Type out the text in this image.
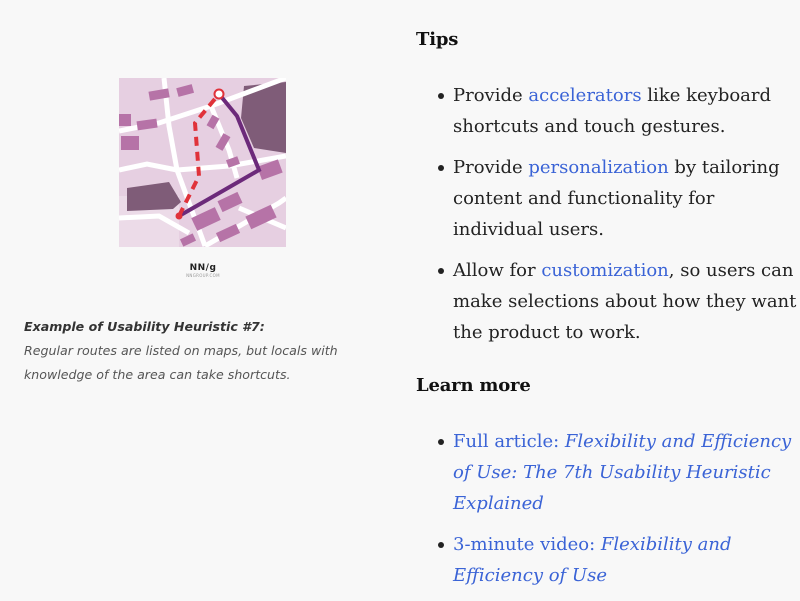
NN/g
NNGROUP.COM
Example of Usability Heuristic #7:
Regular routes are listed on maps, but locals with knowledge of the area can take shortcuts.
Tips
Provide accelerators like keyboard shortcuts and touch gestures.
Provide personalization by tailoring content and functionality for individual users.
Allow for customization, so users can make selections about how they want the product to work.
Learn more
Full article: Flexibility and Efficiency of Use: The 7th Usability Heuristic Explained
3-minute video: Flexibility and Efficiency of Use
